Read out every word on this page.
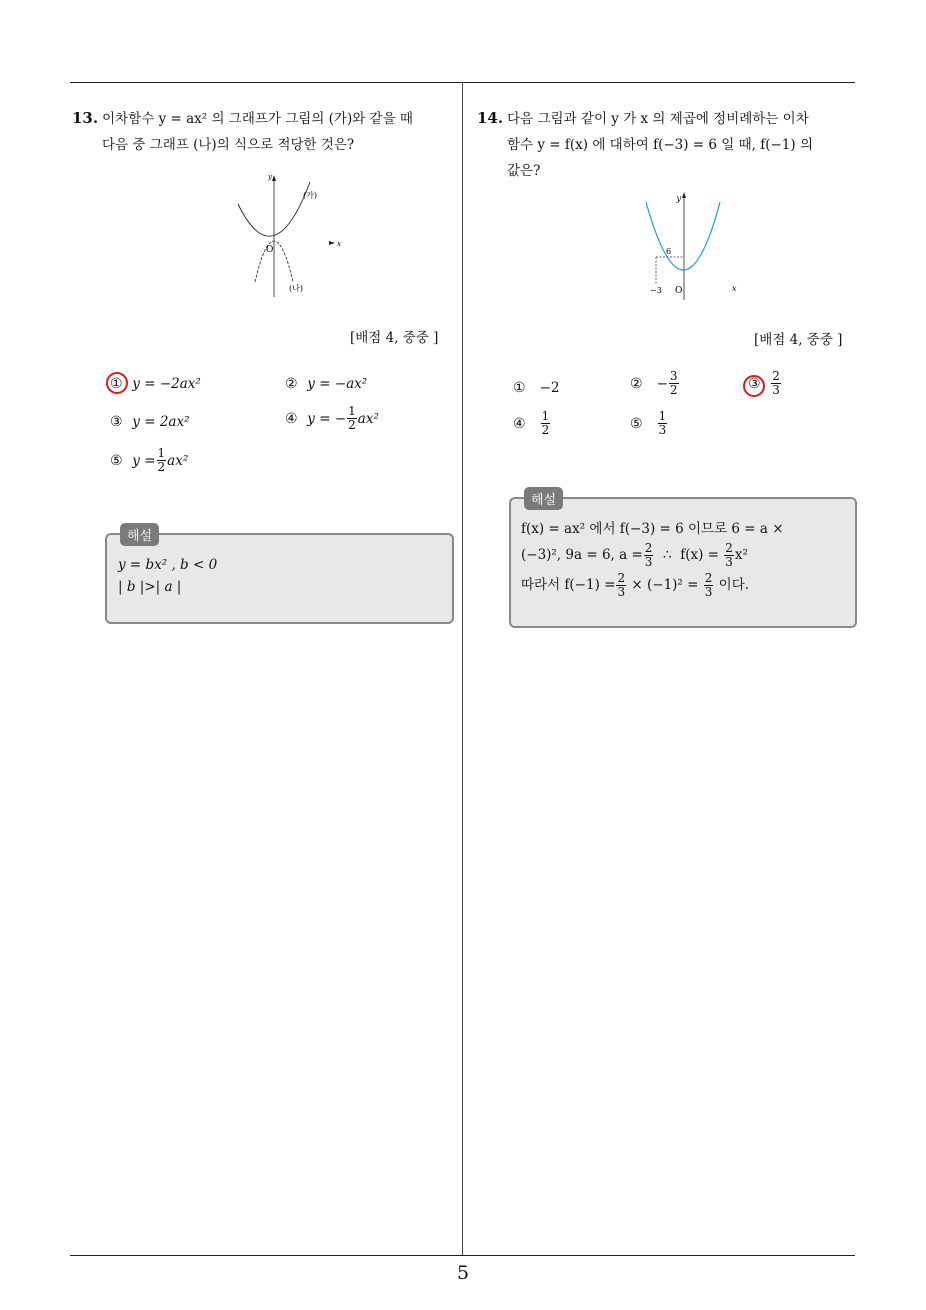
13. 이차함수 y = ax² 의 그래프가 그림의 (가)와 같을 때
다음 중 그래프 (나)의 식으로 적당한 것은?
y
x
(가)
(나)
O
[배점 4, 중중 ]
①
y = −2ax²	②
y = −ax²
③
y = 2ax²	④
y = − $\frac{1}{2} ax^2$
⑤
$y = \frac{1}{2} ax^2$
해설
y = bx² , b < 0
| b |>| a |
14. 다음 그림과 같이 y 가 x 의 제곱에 정비례하는 이차
함수 y = f(x) 에 대하여 f(−3) = 6 일 때, f(−1) 의
값은?
y
x
6
−3 O
[배점 4, 중중 ]
①
	−2	②
	− $\frac{3}{2}$	③
$\frac{2}{3}$
④
	$\frac{1}{2}$	⑤
	$\frac{1}{3}$
해설
f(x) = ax² 에서 f(−3) = 6 이므로 6 = a ×
(−3)², 9a = 6, $a = \frac{2}{3}$ ∴  $f(x) = \frac{2}{3} x^2$
따라서 $f(-1) = \frac{2}{3} \times (-1)^2 = \frac{2}{3}$ 이다.
5
